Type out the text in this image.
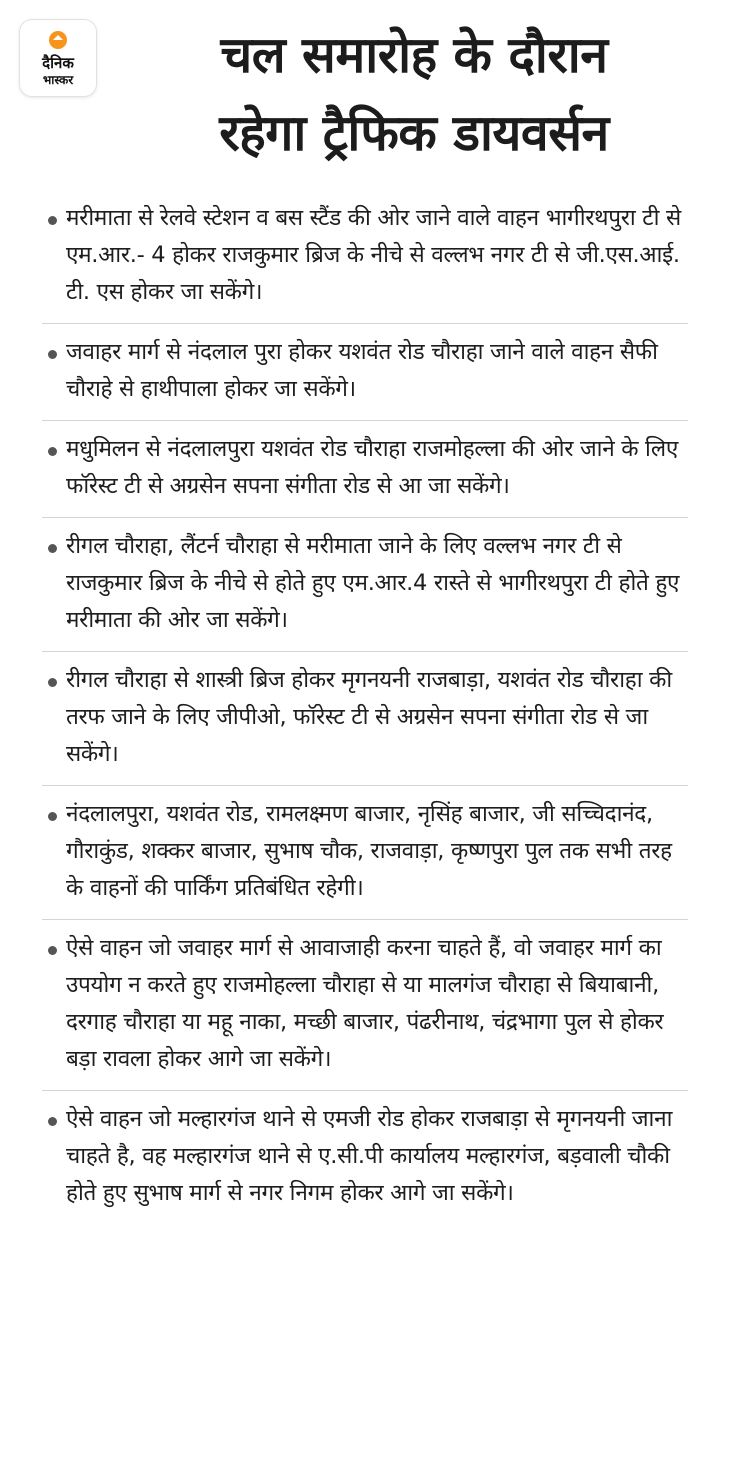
दैनिक
भास्कर	चल समारोह के दौरान
रहेगा ट्रैफिक डायवर्सन
मरीमाता से रेलवे स्टेशन व बस स्टैंड की ओर जाने वाले वाहन भागीरथपुरा टी से एम.आर.- 4 होकर राजकुमार ब्रिज के नीचे से वल्लभ नगर टी से जी.एस.आई. टी. एस होकर जा सकेंगे।
जवाहर मार्ग से नंदलाल पुरा होकर यशवंत रोड चौराहा जाने वाले वाहन सैफी चौराहे से हाथीपाला होकर जा सकेंगे।
मधुमिलन से नंदलालपुरा यशवंत रोड चौराहा राजमोहल्ला की ओर जाने के लिए फॉरेस्ट टी से अग्रसेन सपना संगीता रोड से आ जा सकेंगे।
रीगल चौराहा, लैंटर्न चौराहा से मरीमाता जाने के लिए वल्लभ नगर टी से राजकुमार ब्रिज के नीचे से होते हुए एम.आर.4 रास्ते से भागीरथपुरा टी होते हुए मरीमाता की ओर जा सकेंगे।
रीगल चौराहा से शास्त्री ब्रिज होकर मृगनयनी राजबाड़ा, यशवंत रोड चौराहा की तरफ जाने के लिए जीपीओ, फॉरेस्ट टी से अग्रसेन सपना संगीता रोड से जा सकेंगे।
नंदलालपुरा, यशवंत रोड, रामलक्ष्मण बाजार, नृसिंह बाजार, जी सच्चिदानंद, गौराकुंड, शक्कर बाजार, सुभाष चौक, राजवाड़ा, कृष्णपुरा पुल तक सभी तरह के वाहनों की पार्किंग प्रतिबंधित रहेगी।
ऐसे वाहन जो जवाहर मार्ग से आवाजाही करना चाहते हैं, वो जवाहर मार्ग का उपयोग न करते हुए राजमोहल्ला चौराहा से या मालगंज चौराहा से बियाबानी, दरगाह चौराहा या महू नाका, मच्छी बाजार, पंढरीनाथ, चंद्रभागा पुल से होकर बड़ा रावला होकर आगे जा सकेंगे।
ऐसे वाहन जो मल्हारगंज थाने से एमजी रोड होकर राजबाड़ा से मृगनयनी जाना चाहते है, वह मल्हारगंज थाने से ए.सी.पी कार्यालय मल्हारगंज, बड़वाली चौकी होते हुए सुभाष मार्ग से नगर निगम होकर आगे जा सकेंगे।
